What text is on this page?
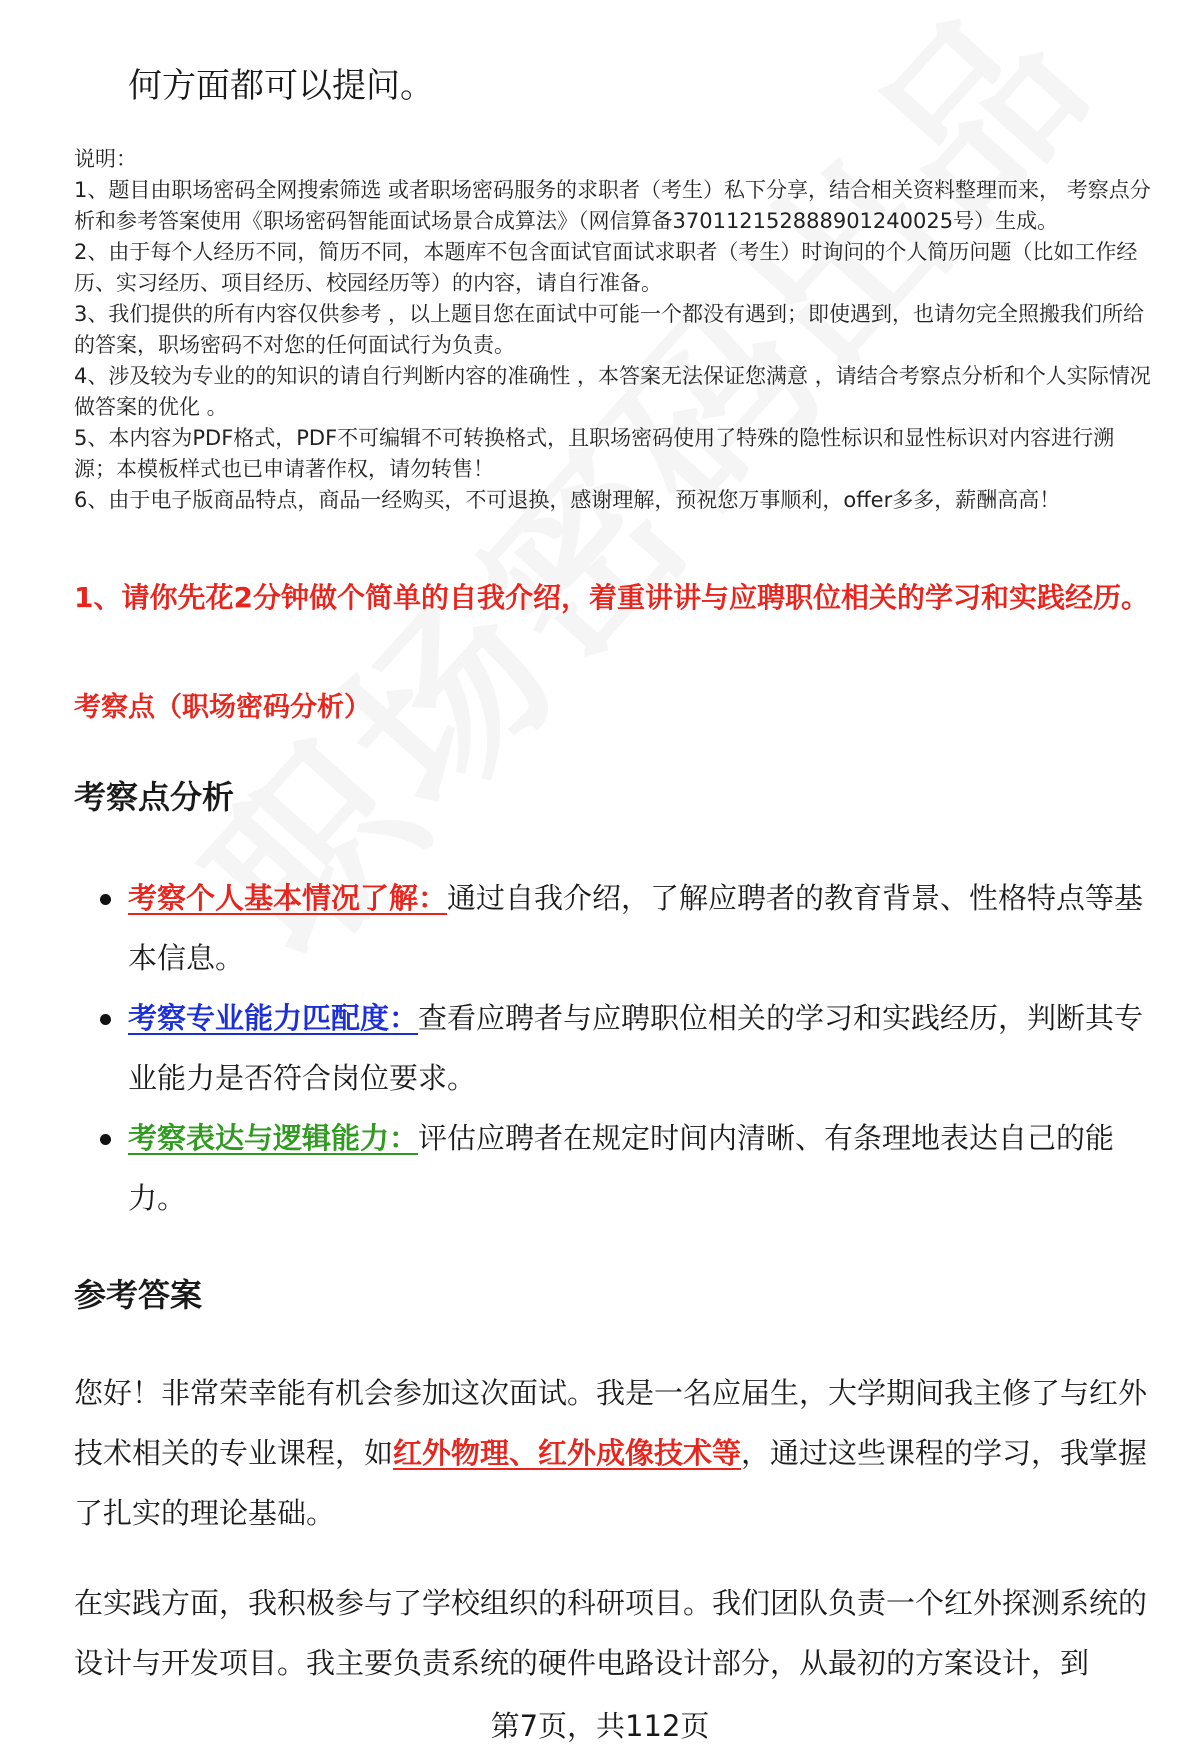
何方面都可以提问。

说明：

1、题目由职场密码全网搜索筛选 或者职场密码服务的求职者（考生）私下分享，结合相关资料整理而来， 考察点分析和参考答案使用《职场密码智能面试场景合成算法》（网信算备370112152888901240025号）生成。

2、由于每个人经历不同，简历不同，本题库不包含面试官面试求职者（考生）时询问的个人简历问题（比如工作经历、实习经历、项目经历、校园经历等）的内容，请自行准备。

3、我们提供的所有内容仅供参考 ，以上题目您在面试中可能一个都没有遇到；即使遇到，也请勿完全照搬我们所给的答案，职场密码不对您的任何面试行为负责。

4、涉及较为专业的的知识的请自行判断内容的准确性 ，本答案无法保证您满意 ，请结合考察点分析和个人实际情况做答案的优化 。

5、本内容为PDF格式，PDF不可编辑不可转换格式，且职场密码使用了特殊的隐性标识和显性标识对内容进行溯源；本模板样式也已申请著作权，请勿转售！

6、由于电子版商品特点，商品一经购买，不可退换，感谢理解，预祝您万事顺利，offer多多，薪酬高高！

1、请你先花2分钟做个简单的自我介绍，着重讲讲与应聘职位相关的学习和实践经历。
考察点（职场密码分析）
考察点分析
考察个人基本情况了解：通过自我介绍，了解应聘者的教育背景、性格特点等基本信息。
考察专业能力匹配度：查看应聘者与应聘职位相关的学习和实践经历，判断其专业能力是否符合岗位要求。
考察表达与逻辑能力：评估应聘者在规定时间内清晰、有条理地表达自己的能力。
参考答案

您好！非常荣幸能有机会参加这次面试。我是一名应届生，大学期间我主修了与红外技术相关的专业课程，如红外物理、红外成像技术等，通过这些课程的学习，我掌握了扎实的理论基础。

在实践方面，我积极参与了学校组织的科研项目。我们团队负责一个红外探测系统的设计与开发项目。我主要负责系统的硬件电路设计部分，从最初的方案设计，到

第7页，共112页
